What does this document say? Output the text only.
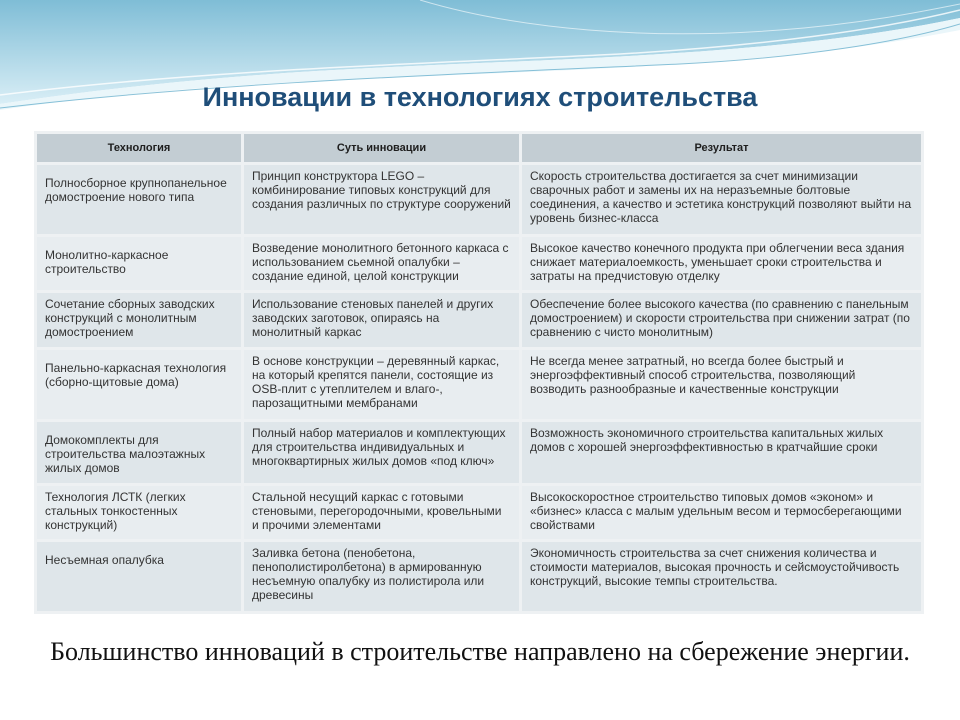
Инновации в технологиях строительства
Технология	Суть инновации	Результат
Полносборное крупнопанельное домостроение нового типа	Принцип конструктора LEGO – комбинирование типовых конструкций для создания различных по структуре сооружений	Скорость строительства достигается за счет минимизации сварочных работ и замены их на неразъемные болтовые соединения, а качество и эстетика конструкций позволяют выйти на уровень бизнес-класса
Монолитно-каркасное строительство	Возведение монолитного бетонного каркаса с использованием сьемной опалубки – создание единой, целой конструкции	Высокое качество конечного продукта при облегчении веса здания снижает материалоемкость, уменьшает сроки строительства и затраты на предчистовую отделку
Сочетание сборных заводских конструкций с монолитным домостроением	Использование стеновых панелей и других заводских заготовок, опираясь на монолитный каркас	Обеспечение более высокого качества (по сравнению с панельным домостроением) и скорости строительства при снижении затрат (по сравнению с чисто монолитным)
Панельно-каркасная технология (сборно-щитовые дома)	В основе конструкции – деревянный каркас, на который крепятся панели, состоящие из OSB-плит с утеплителем и влаго-, парозащитными мембранами	Не всегда менее затратный, но всегда более быстрый и энергоэффективный способ строительства, позволяющий возводить разнообразные и качественные конструкции
Домокомплекты для строительства малоэтажных жилых домов	Полный набор материалов и комплектующих для строительства индивидуальных и многоквартирных жилых домов «под ключ»	Возможность экономичного строительства капитальных жилых домов с хорошей энергоэффективностью в кратчайшие сроки
Технология ЛСТК (легких стальных тонкостенных конструкций)	Стальной несущий каркас с готовыми стеновыми, перегородочными, кровельными и прочими элементами	Высокоскоростное строительство типовых домов «эконом» и «бизнес» класса с малым удельным весом и термосберегающими свойствами
Несъемная опалубка	Заливка бетона (пенобетона, пенополистиролбетона) в армированную несъемную опалубку из полистирола или древесины	Экономичность строительства за счет снижения количества и стоимости материалов, высокая прочность и сейсмоустойчивость конструкций, высокие темпы строительства.
Большинство инноваций в строительстве направлено на сбережение энергии.
